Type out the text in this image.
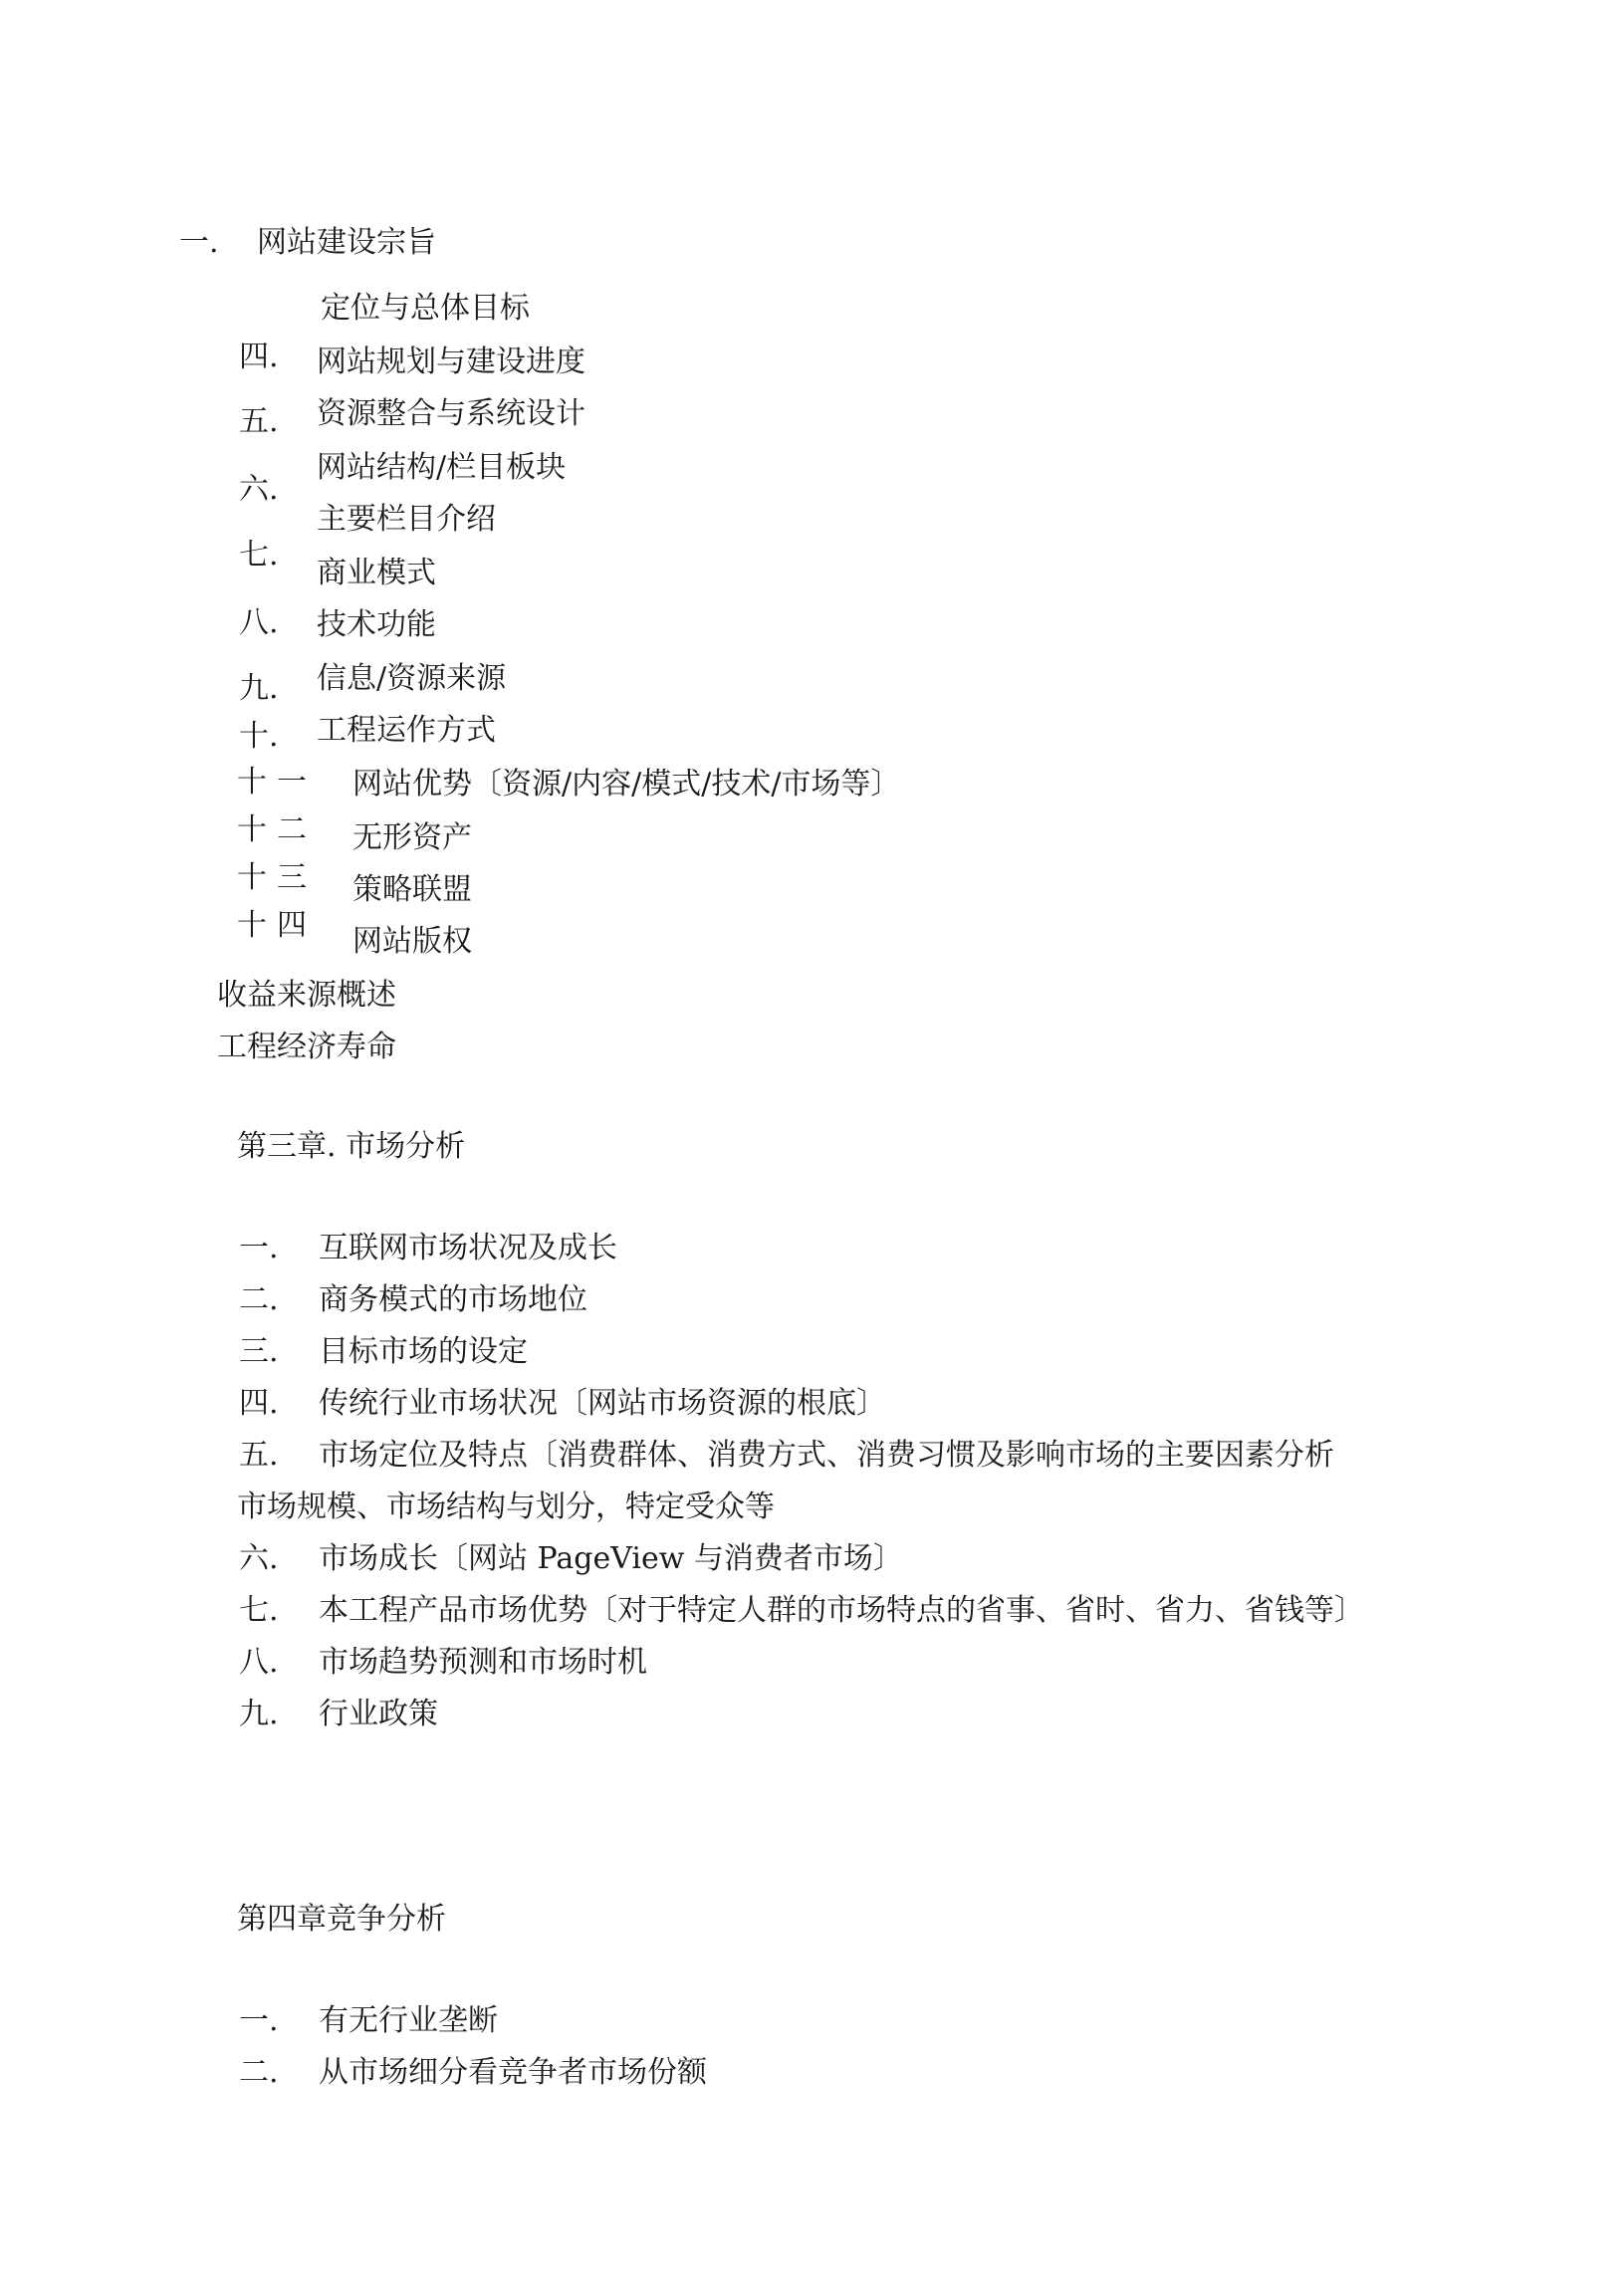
一. 网站建设宗旨
定位与总体目标
四. 网站规划与建设进度
五. 资源整合与系统设计
六.
网站结构/栏目板块
主要栏目介绍
七.
商业模式
八. 技术功能
九. 信息/资源来源
十. 工程运作方式
十一 网站优势〔资源/内容/模式/技术/市场等〕
十二 无形资产
十三 策略联盟
十四 网站版权
收益来源概述
工程经济寿命
第三章. 市场分析
一. 互联网市场状况及成长
二. 商务模式的市场地位
三. 目标市场的设定
四. 传统行业市场状况〔网站市场资源的根底〕
五. 市场定位及特点〔消费群体、消费方式、消费习惯及影响市场的主要因素分析
市场规模、市场结构与划分，特定受众等
六. 市场成长〔网站 PageView 与消费者市场〕
七. 本工程产品市场优势〔对于特定人群的市场特点的省事、省时、省力、省钱等〕
八. 市场趋势预测和市场时机
九. 行业政策
第四章竞争分析
一. 有无行业垄断
二. 从市场细分看竞争者市场份额
